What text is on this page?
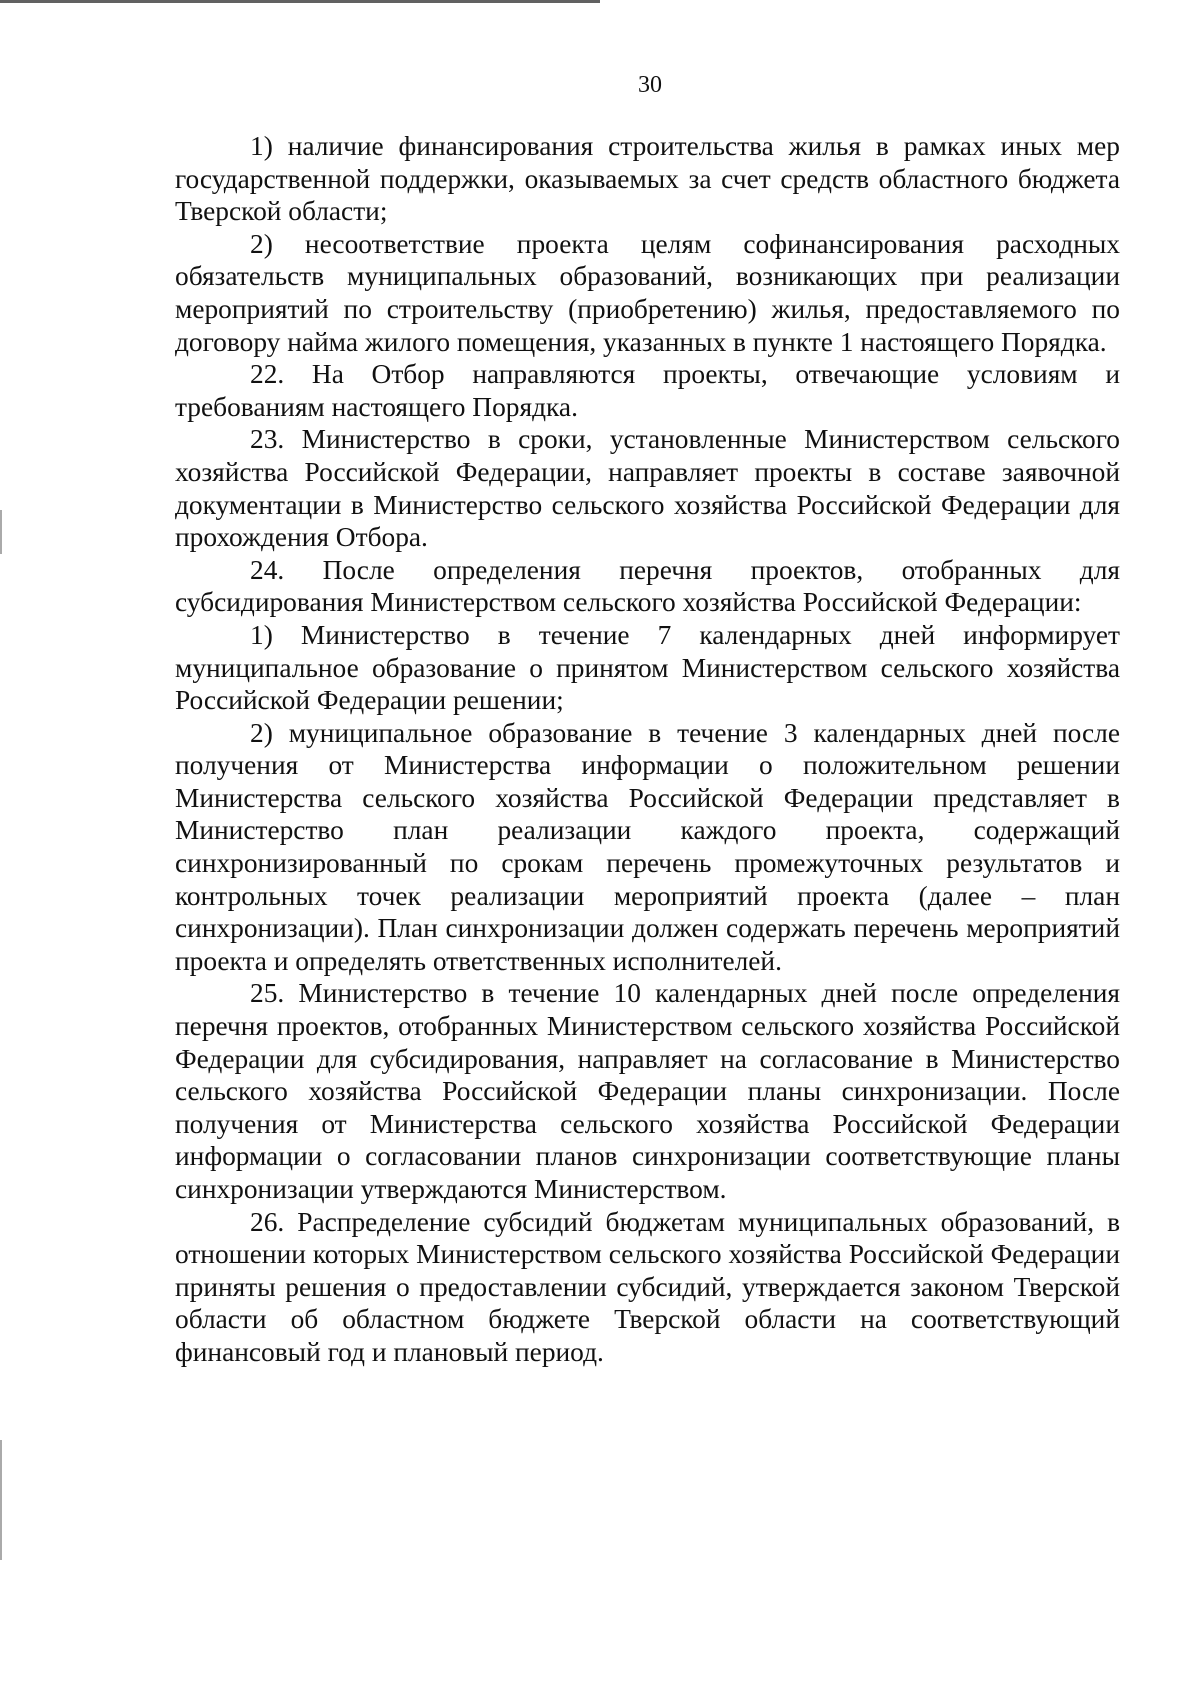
30

1) наличие финансирования строительства жилья в рамках иных мер государственной поддержки, оказываемых за счет средств областного бюджета Тверской области;

2) несоответствие проекта целям софинансирования расходных обязательств муниципальных образований, возникающих при реализации мероприятий по строительству (приобретению) жилья, предоставляемого по договору найма жилого помещения, указанных в пункте 1 настоящего Порядка.

22. На Отбор направляются проекты, отвечающие условиям и требованиям настоящего Порядка.

23. Министерство в сроки, установленные Министерством сельского хозяйства Российской Федерации, направляет проекты в составе заявочной документации в Министерство сельского хозяйства Российской Федерации для прохождения Отбора.

24. После определения перечня проектов, отобранных для субсидирования Министерством сельского хозяйства Российской Федерации:

1) Министерство в течение 7 календарных дней информирует муниципальное образование о принятом Министерством сельского хозяйства Российской Федерации решении;

2) муниципальное образование в течение 3 календарных дней после получения от Министерства информации о положительном решении Министерства сельского хозяйства Российской Федерации представляет в Министерство план реализации каждого проекта, содержащий синхронизированный по срокам перечень промежуточных результатов и контрольных точек реализации мероприятий проекта (далее – план синхронизации). План синхронизации должен содержать перечень мероприятий проекта и определять ответственных исполнителей.

25. Министерство в течение 10 календарных дней после определения перечня проектов, отобранных Министерством сельского хозяйства Российской Федерации для субсидирования, направляет на согласование в Министерство сельского хозяйства Российской Федерации планы синхронизации. После получения от Министерства сельского хозяйства Российской Федерации информации о согласовании планов синхронизации соответствующие планы синхронизации утверждаются Министерством.

26. Распределение субсидий бюджетам муниципальных образований, в отношении которых Министерством сельского хозяйства Российской Федерации приняты решения о предоставлении субсидий, утверждается законом Тверской области об областном бюджете Тверской области на соответствующий финансовый год и плановый период.
